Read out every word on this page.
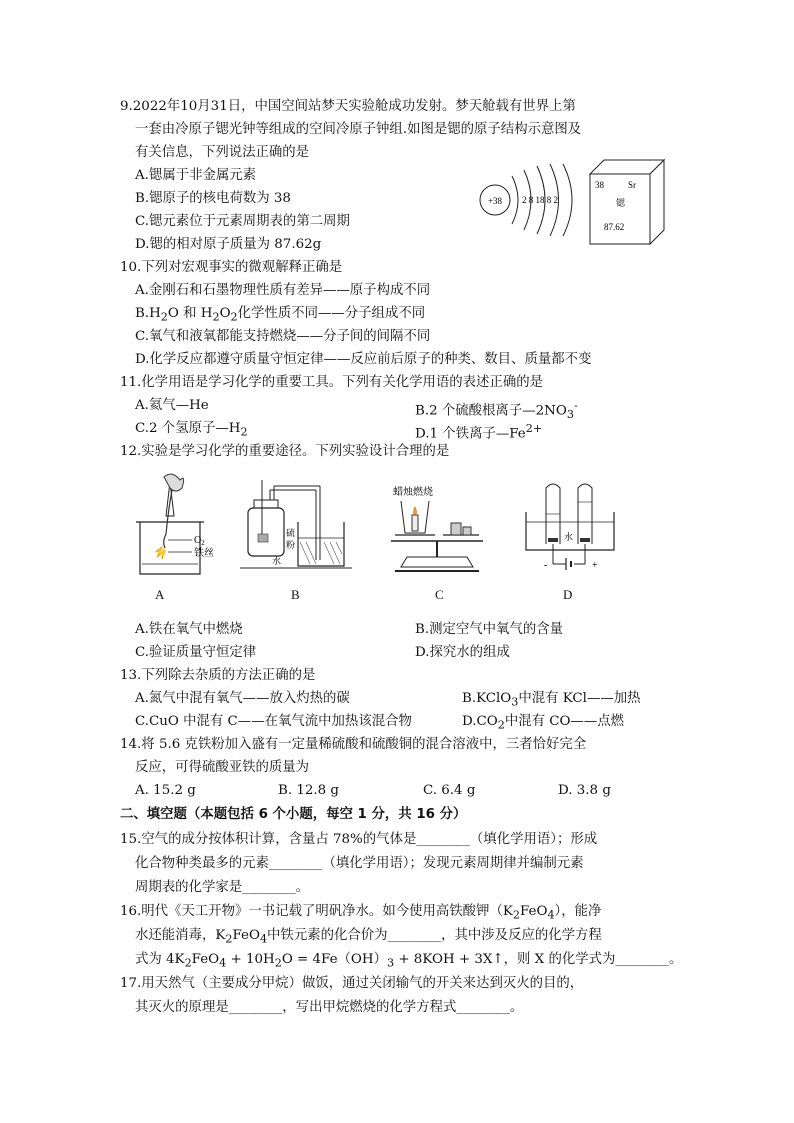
9.2022年10月31日，中国空间站梦天实验舱成功发射。梦天舱载有世界上第
一套由冷原子锶光钟等组成的空间冷原子钟组.如图是锶的原子结构示意图及
有关信息，下列说法正确的是
A.锶属于非金属元素
B.锶原子的核电荷数为 38
C.锶元素位于元素周期表的第二周期
D.锶的相对原子质量为 87.62g
+38 2 8 18 8 2
38	Sr
锶
87.62
10.下列对宏观事实的微观解释正确是
A.金刚石和石墨物理性质有差异——原子构成不同
$B.H_2O$ 和 $H_2O_2$化学性质不同——分子组成不同
C.氧气和液氧都能支持燃烧——分子间的间隔不同
D.化学反应都遵守质量守恒定律——反应前后原子的种类、数目、质量都不变
11.化学用语是学习化学的重要工具。下列有关化学用语的表述正确的是
A.氦气—He	B.2 个硫酸根离子$—2NO_3^-$
C.2 个氢原子$—H_2$	D.1 个铁离子$—Fe^{2+}$
12.实验是学习化学的重要途径。下列实验设计合理的是
$O_2$
铁丝
A
硫
粉
水
B
蜡烛燃烧
C
水
-	+
D
A.铁在氧气中燃烧	B.测定空气中氧气的含量
C.验证质量守恒定律	D.探究水的组成
13.下列除去杂质的方法正确的是
A.氮气中混有氧气——放入灼热的碳	B.KClO$_3$中混有 KCl——加热
C.CuO 中混有 C——在氧气流中加热该混合物	$D.CO_2$中混有 CO——点燃
14.将 5.6 克铁粉加入盛有一定量稀硫酸和硫酸铜的混合溶液中，三者恰好完全
反应，可得硫酸亚铁的质量为
A. 15.2 g	B. 12.8 g	C. 6.4 g	D. 3.8 g
二、填空题（本题包括 6 个小题，每空 1 分，共 16 分）
15.空气的成分按体积计算，含量占 78%的气体是________（填化学用语）；形成
化合物种类最多的元素________（填化学用语）；发现元素周期律并编制元素
周期表的化学家是________。
16.明代《天工开物》一书记载了明矾净水。如今使用高铁酸钾$(K_2FeO_4)$，能净
水还能消毒，$K_2FeO_4$中铁元素的化合价为________，其中涉及反应的化学方程
式为 $4K_2FeO_4 + 10H_2O = 4Fe(OH)_3 + 8KOH$ + 3X↑，则 X 的化学式为________。
17.用天然气（主要成分甲烷）做饭，通过关闭输气的开关来达到灭火的目的，
其灭火的原理是________，写出甲烷燃烧的化学方程式________。
